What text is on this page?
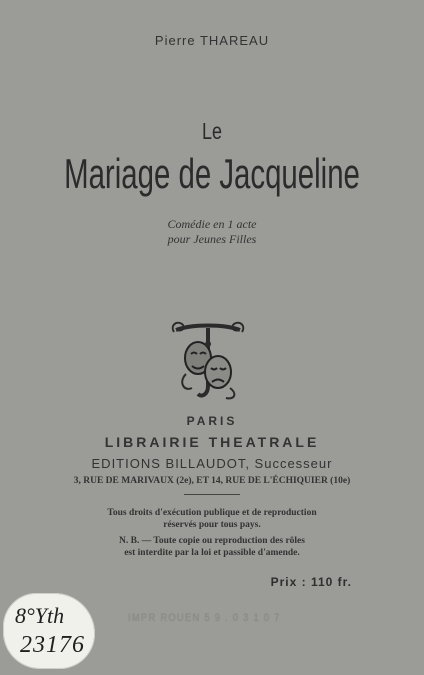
Pierre THAREAU
Le
Mariage de Jacqueline
Comédie en 1 acte
pour Jeunes Filles
PARIS
LIBRAIRIE THEATRALE
EDITIONS BILLAUDOT, Successeur
3, RUE DE MARIVAUX (2e), ET 14, RUE DE L'ÉCHIQUIER (10e)
Tous droits d'exécution publique et de reproduction
réservés pour tous pays.
N. B. — Toute copie ou reproduction des rôles
est interdite par la loi et passible d'amende.
Prix : 110 fr.
IMPR ROUEN 5 9 . 0 3 1 0 7
8°Yth
23176
